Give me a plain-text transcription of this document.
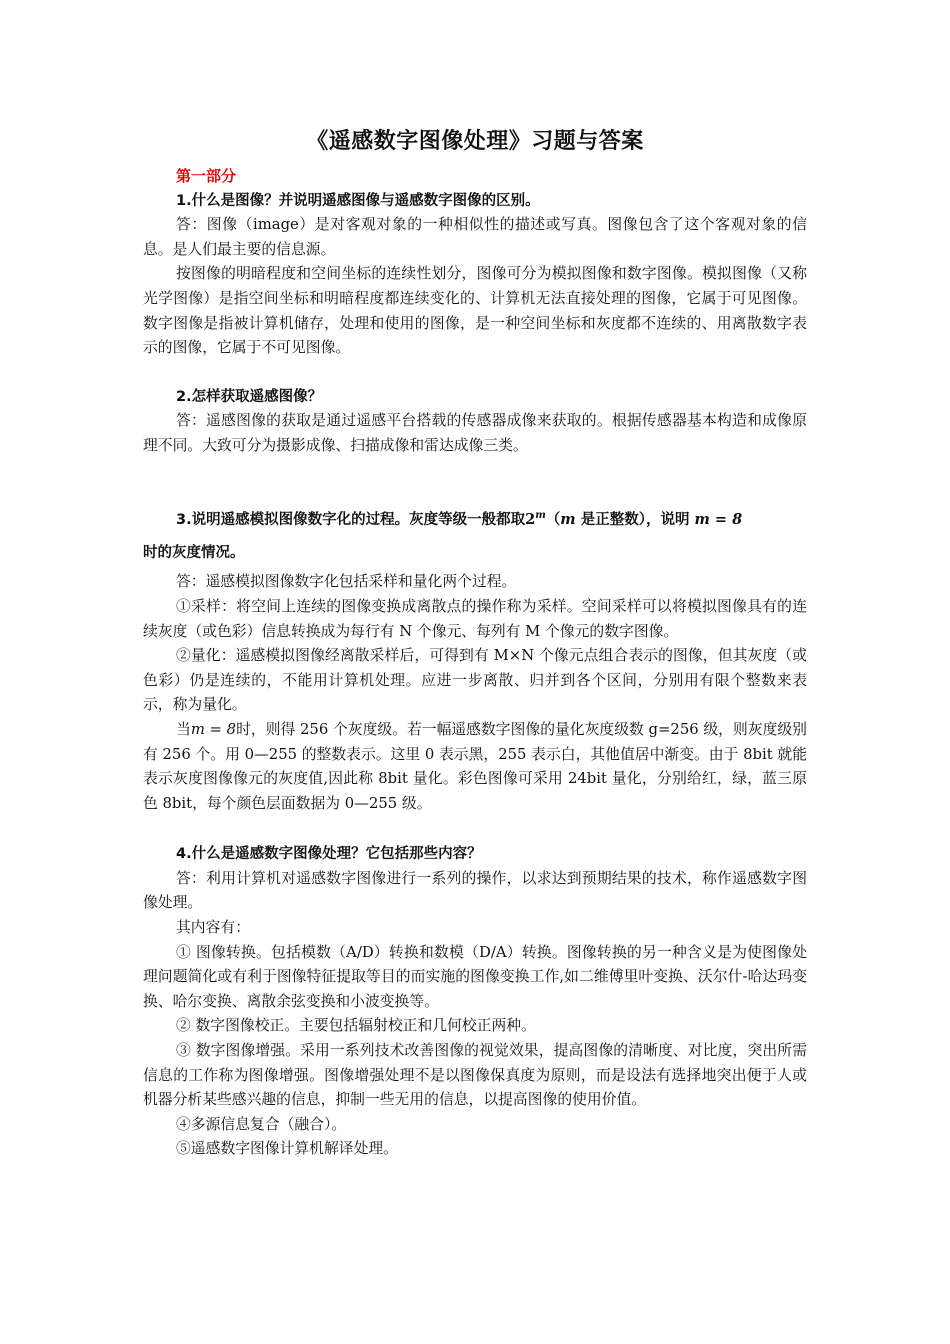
《遥感数字图像处理》习题与答案

第一部分

1.什么是图像？并说明遥感图像与遥感数字图像的区别。

答：图像（image）是对客观对象的一种相似性的描述或写真。图像包含了这个客观对象的信息。是人们最主要的信息源。

按图像的明暗程度和空间坐标的连续性划分，图像可分为模拟图像和数字图像。模拟图像（又称光学图像）是指空间坐标和明暗程度都连续变化的、计算机无法直接处理的图像，它属于可见图像。数字图像是指被计算机储存，处理和使用的图像，是一种空间坐标和灰度都不连续的、用离散数字表示的图像，它属于不可见图像。

2.怎样获取遥感图像？

答：遥感图像的获取是通过遥感平台搭载的传感器成像来获取的。根据传感器基本构造和成像原理不同。大致可分为摄影成像、扫描成像和雷达成像三类。

3.说明遥感模拟图像数字化的过程。灰度等级一般都取2$^m$（m 是正整数），说明 m = 8
时的灰度情况。

答：遥感模拟图像数字化包括采样和量化两个过程。

①采样：将空间上连续的图像变换成离散点的操作称为采样。空间采样可以将模拟图像具有的连续灰度（或色彩）信息转换成为每行有 N 个像元、每列有 M 个像元的数字图像。

②量化：遥感模拟图像经离散采样后，可得到有 M×N 个像元点组合表示的图像，但其灰度（或色彩）仍是连续的，不能用计算机处理。应进一步离散、归并到各个区间，分别用有限个整数来表示，称为量化。

当m = 8时，则得 256 个灰度级。若一幅遥感数字图像的量化灰度级数 g=256 级，则灰度级别有 256 个。用 0—255 的整数表示。这里 0 表示黑，255 表示白，其他值居中渐变。由于 8bit 就能表示灰度图像像元的灰度值,因此称 8bit 量化。彩色图像可采用 24bit 量化，分别给红，绿，蓝三原色 8bit，每个颜色层面数据为 0—255 级。

4.什么是遥感数字图像处理？它包括那些内容？

答：利用计算机对遥感数字图像进行一系列的操作，以求达到预期结果的技术，称作遥感数字图像处理。

其内容有：

① 图像转换。包括模数（A/D）转换和数模（D/A）转换。图像转换的另一种含义是为使图像处理问题简化或有利于图像特征提取等目的而实施的图像变换工作,如二维傅里叶变换、沃尔什-哈达玛变换、哈尔变换、离散余弦变换和小波变换等。

② 数字图像校正。主要包括辐射校正和几何校正两种。

③ 数字图像增强。采用一系列技术改善图像的视觉效果，提高图像的清晰度、对比度，突出所需信息的工作称为图像增强。图像增强处理不是以图像保真度为原则，而是设法有选择地突出便于人或机器分析某些感兴趣的信息，抑制一些无用的信息，以提高图像的使用价值。

④多源信息复合（融合）。

⑤遥感数字图像计算机解译处理。
